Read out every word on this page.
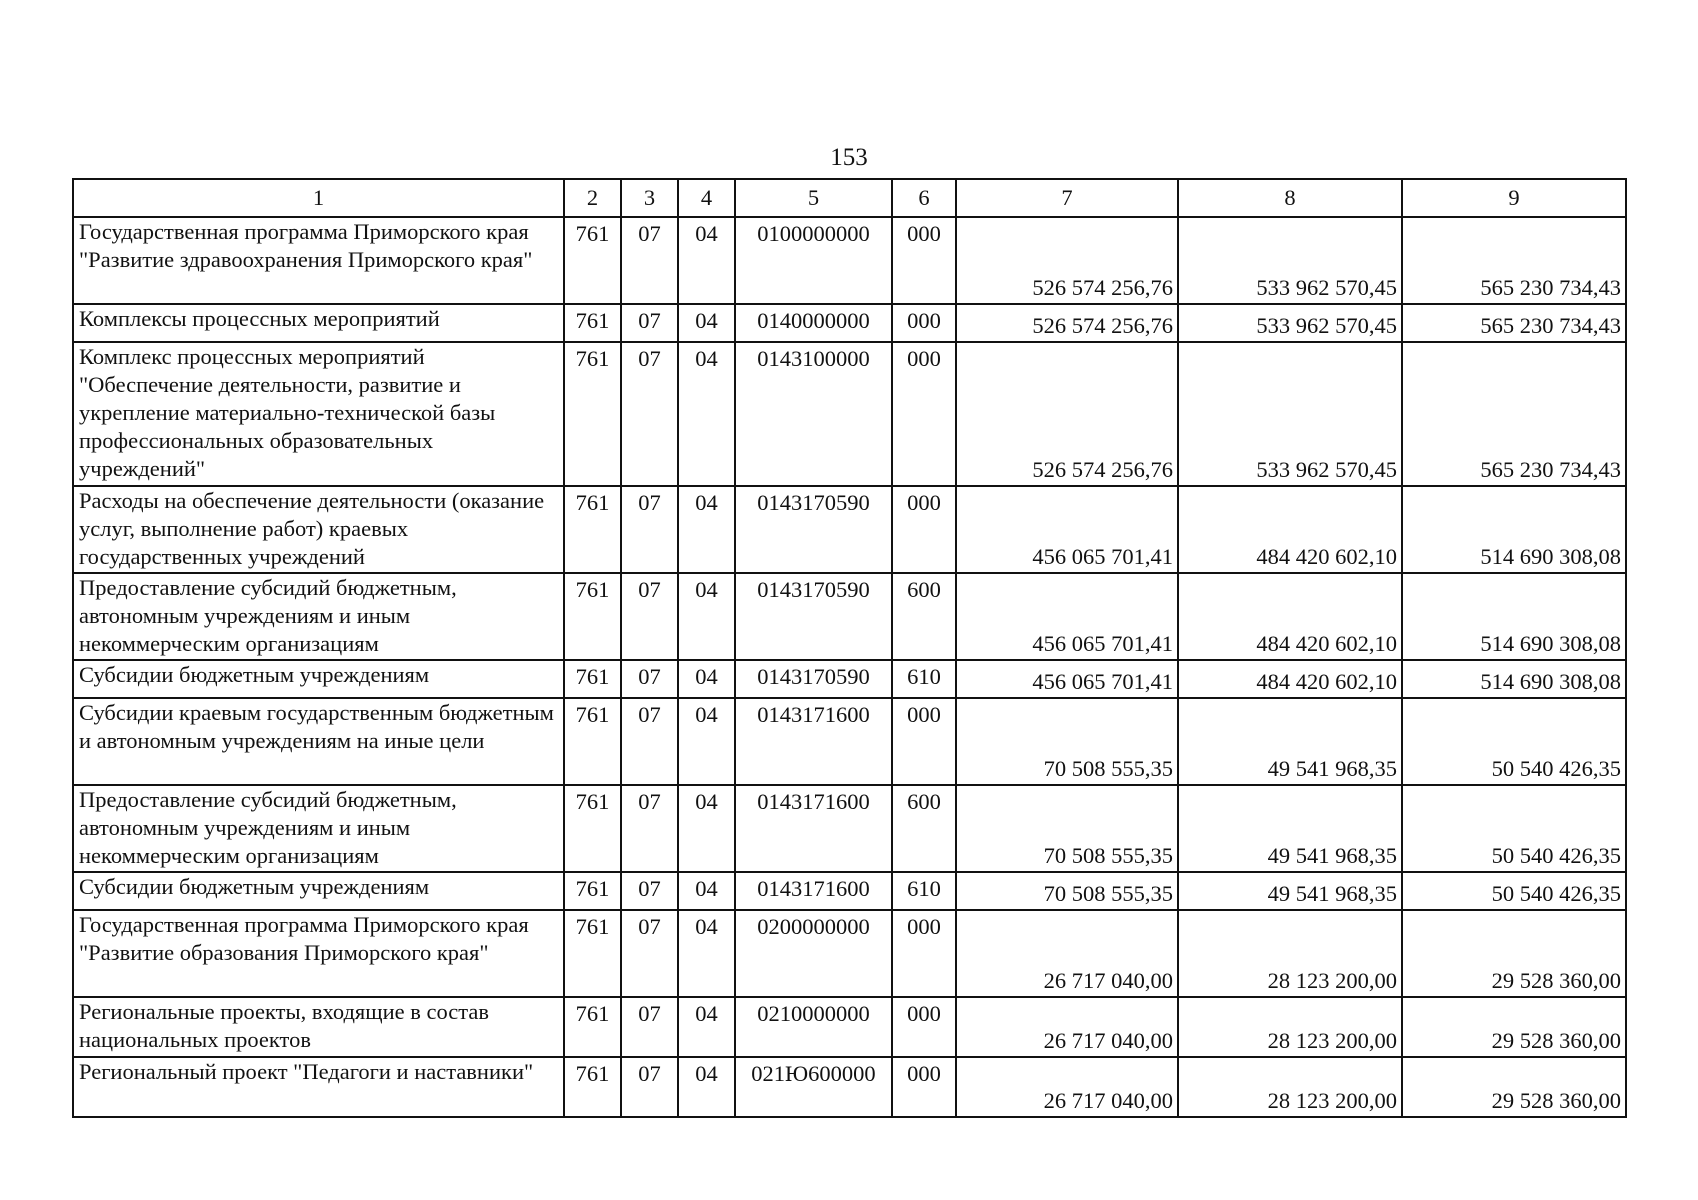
153
1	2	3	4	5	6	7	8	9
Государственная программа Приморского края "Развитие здравоохранения Приморского края"	761	07	04	0100000000	000	526 574 256,76	533 962 570,45	565 230 734,43
Комплексы процессных мероприятий	761	07	04	0140000000	000	526 574 256,76	533 962 570,45	565 230 734,43
Комплекс процессных мероприятий "Обеспечение деятельности, развитие и укрепление материально-технической базы профессиональных образовательных учреждений"	761	07	04	0143100000	000	526 574 256,76	533 962 570,45	565 230 734,43
Расходы на обеспечение деятельности (оказание услуг, выполнение работ) краевых государственных учреждений	761	07	04	0143170590	000	456 065 701,41	484 420 602,10	514 690 308,08
Предоставление субсидий бюджетным, автономным учреждениям и иным некоммерческим организациям	761	07	04	0143170590	600	456 065 701,41	484 420 602,10	514 690 308,08
Субсидии бюджетным учреждениям	761	07	04	0143170590	610	456 065 701,41	484 420 602,10	514 690 308,08
Субсидии краевым государственным бюджетным и автономным учреждениям на иные цели	761	07	04	0143171600	000	70 508 555,35	49 541 968,35	50 540 426,35
Предоставление субсидий бюджетным, автономным учреждениям и иным некоммерческим организациям	761	07	04	0143171600	600	70 508 555,35	49 541 968,35	50 540 426,35
Субсидии бюджетным учреждениям	761	07	04	0143171600	610	70 508 555,35	49 541 968,35	50 540 426,35
Государственная программа Приморского края "Развитие образования Приморского края"	761	07	04	0200000000	000	26 717 040,00	28 123 200,00	29 528 360,00
Региональные проекты, входящие в состав национальных проектов	761	07	04	0210000000	000	26 717 040,00	28 123 200,00	29 528 360,00
Региональный проект "Педагоги и наставники"	761	07	04	021Ю600000	000	26 717 040,00	28 123 200,00	29 528 360,00
